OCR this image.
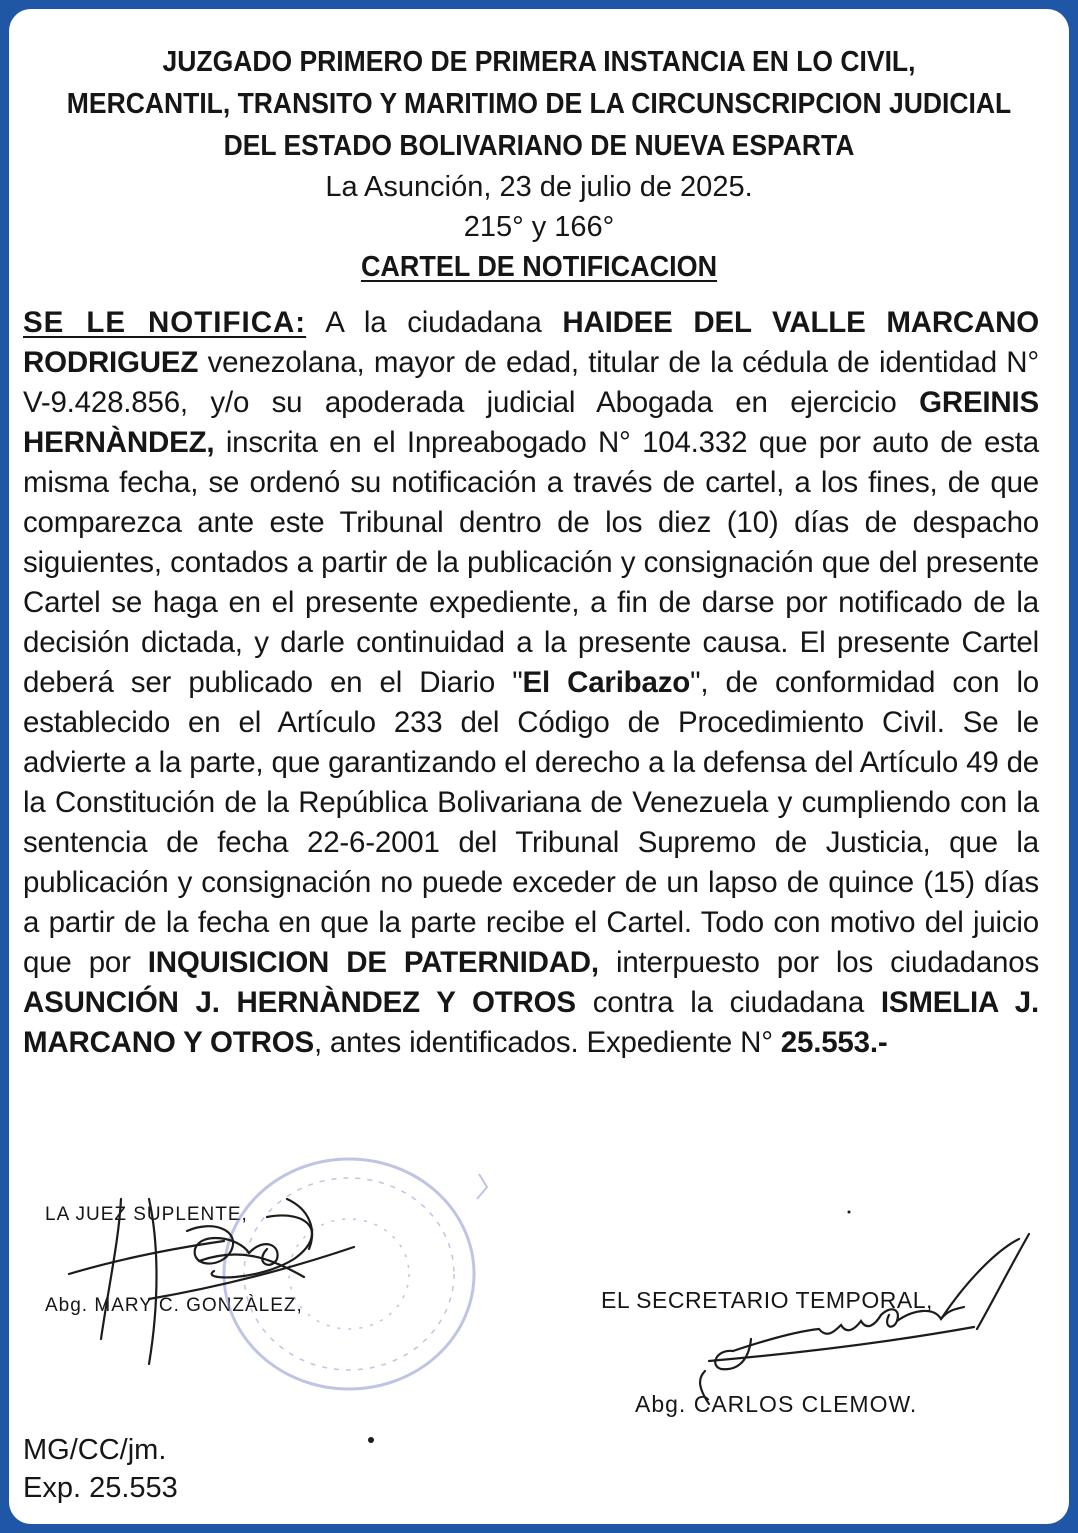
JUZGADO PRIMERO DE PRIMERA INSTANCIA EN LO CIVIL,
MERCANTIL, TRANSITO Y MARITIMO DE LA CIRCUNSCRIPCION JUDICIAL
DEL ESTADO BOLIVARIANO DE NUEVA ESPARTA
La Asunción, 23 de julio de 2025.
215° y 166°
CARTEL DE NOTIFICACION
SE LE NOTIFICA: A la ciudadana HAIDEE DEL VALLE MARCANO RODRIGUEZ venezolana, mayor de edad, titular de la cédula de identidad N° V-9.428.856, y/o su apoderada judicial Abogada en ejercicio GREINIS HERNÀNDEZ, inscrita en el Inpreabogado N° 104.332 que por auto de esta misma fecha, se ordenó su notificación a través de cartel, a los fines, de que comparezca ante este Tribunal dentro de los diez (10) días de despacho siguientes, contados a partir de la publicación y consignación que del presente Cartel se haga en el presente expediente, a fin de darse por notificado de la decisión dictada, y darle continuidad a la presente causa. El presente Cartel deberá ser publicado en el Diario "El Caribazo", de conformidad con lo establecido en el Artículo 233 del Código de Procedimiento Civil. Se le advierte a la parte, que garantizando el derecho a la defensa del Artículo 49 de la Constitución de la República Bolivariana de Venezuela y cumpliendo con la sentencia de fecha 22-6-2001 del Tribunal Supremo de Justicia, que la publicación y consignación no puede exceder de un lapso de quince (15) días a partir de la fecha en que la parte recibe el Cartel. Todo con motivo del juicio que por INQUISICION DE PATERNIDAD, interpuesto por los ciudadanos ASUNCIÓN J. HERNÀNDEZ Y OTROS contra la ciudadana ISMELIA J. MARCANO Y OTROS, antes identificados. Expediente N° 25.553.-
LA JUEZ SUPLENTE,
Abg. MARY C. GONZÀLEZ,	EL SECRETARIO TEMPORAL,
Abg. CARLOS CLEMOW.
MG/CC/jm.
Exp. 25.553
